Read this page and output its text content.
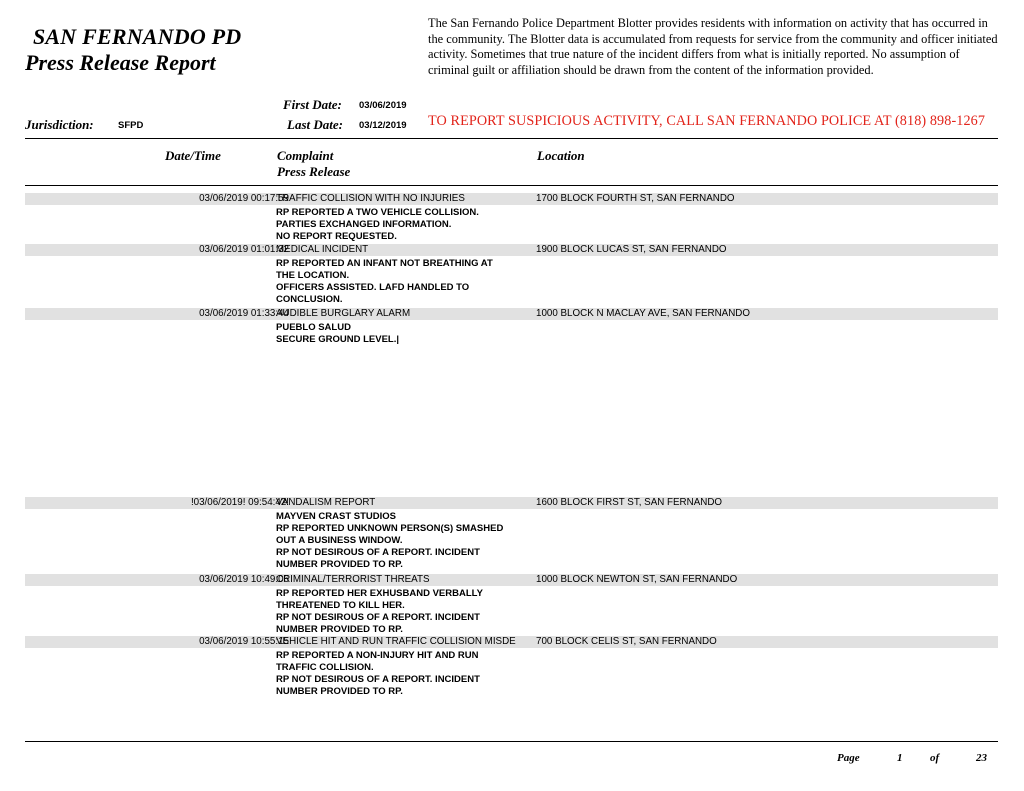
SAN FERNANDO PD
Press Release Report
The San Fernando Police Department Blotter provides residents with information on activity that has occurred in the community. The Blotter data is accumulated from requests for service from the community and officer initiated activity. Sometimes that true nature of the incident differs from what is initially reported. No assumption of criminal guilt or affiliation should be drawn from the content of the information provided.
First Date: 03/06/2019
Jurisdiction:	SFPD	Last Date: 03/12/2019 TO REPORT SUSPICIOUS ACTIVITY, CALL SAN FERNANDO POLICE AT (818) 898-1267
Date/Time	Complaint
Press Release
Location
03/06/2019 00:17:59
TRAFFIC COLLISION WITH NO INJURIES	1700 BLOCK FOURTH ST, SAN FERNANDO
RP REPORTED A TWO VEHICLE COLLISION.
PARTIES EXCHANGED INFORMATION.
NO REPORT REQUESTED.
03/06/2019 01:01:32
MEDICAL INCIDENT	1900 BLOCK LUCAS ST, SAN FERNANDO
RP REPORTED AN INFANT NOT BREATHING AT
THE LOCATION.
OFFICERS ASSISTED. LAFD HANDLED TO
CONCLUSION.
03/06/2019 01:33:44
AUDIBLE BURGLARY ALARM	1000 BLOCK N MACLAY AVE, SAN FERNANDO
PUEBLO SALUD
SECURE GROUND LEVEL.|
!03/06/2019! 09:54:42!
VANDALISM REPORT	1600 BLOCK FIRST ST, SAN FERNANDO
MAYVEN CRAST STUDIOS
RP REPORTED UNKNOWN PERSON(S) SMASHED
OUT A BUSINESS WINDOW.
RP NOT DESIROUS OF A REPORT. INCIDENT
NUMBER PROVIDED TO RP.
03/06/2019 10:49:06
CRIMINAL/TERRORIST THREATS	1000 BLOCK NEWTON ST, SAN FERNANDO
RP REPORTED HER EXHUSBAND VERBALLY
THREATENED TO KILL HER.
RP NOT DESIROUS OF A REPORT. INCIDENT
NUMBER PROVIDED TO RP.
03/06/2019 10:55:15
VEHICLE HIT AND RUN TRAFFIC COLLISION MISDE 700 BLOCK CELIS ST, SAN FERNANDO
RP REPORTED A NON-INJURY HIT AND RUN
TRAFFIC COLLISION.
RP NOT DESIROUS OF A REPORT. INCIDENT
NUMBER PROVIDED TO RP.
Page	1	of	23
